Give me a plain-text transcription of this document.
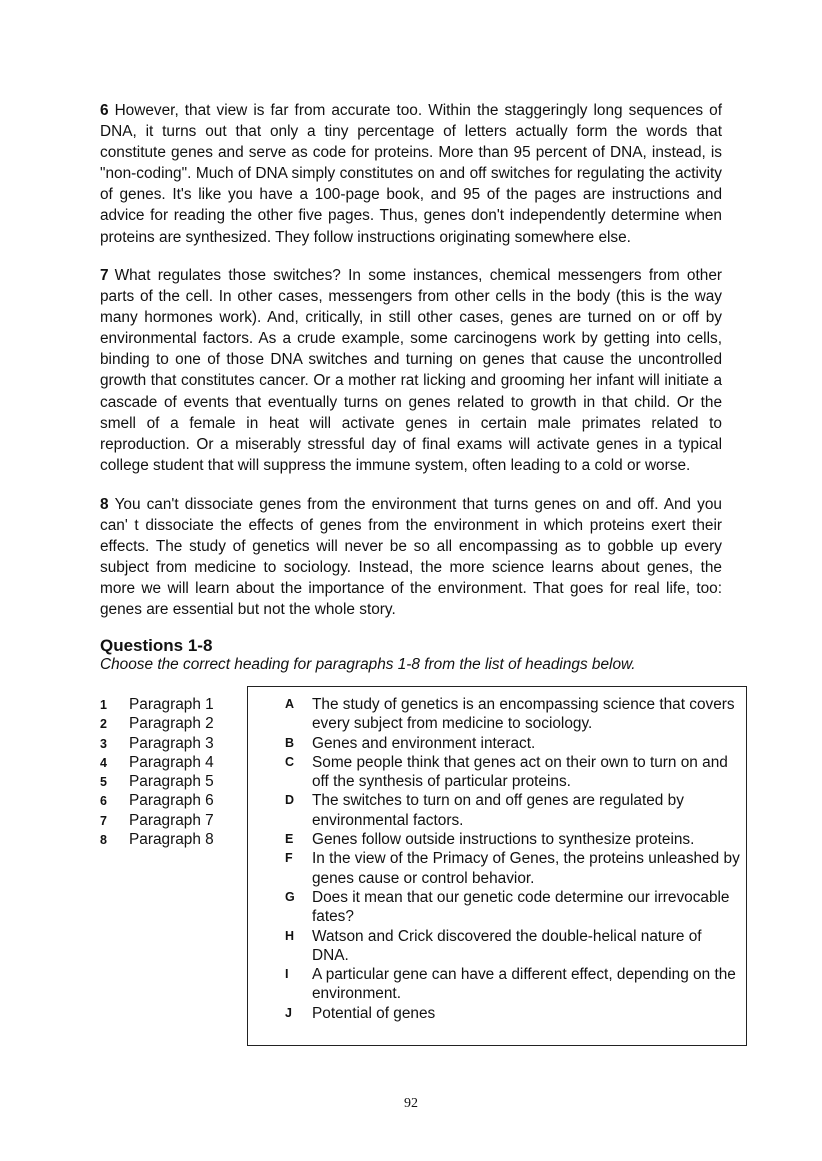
6 However, that view is far from accurate too. Within the staggeringly long sequences of DNA, it turns out that only a tiny percentage of letters actually form the words that constitute genes and serve as code for proteins. More than 95 percent of DNA, instead, is "non-coding". Much of DNA simply constitutes on and off switches for regulating the activity of genes. It's like you have a 100-page book, and 95 of the pages are instructions and advice for reading the other five pages. Thus, genes don't independently determine when proteins are synthesized. They follow instructions originating somewhere else.

7 What regulates those switches? In some instances, chemical messengers from other parts of the cell. In other cases, messengers from other cells in the body (this is the way many hormones work). And, critically, in still other cases, genes are turned on or off by environmental factors. As a crude example, some carcinogens work by getting into cells, binding to one of those DNA switches and turning on genes that cause the uncontrolled growth that constitutes cancer. Or a mother rat licking and grooming her infant will initiate a cascade of events that eventually turns on genes related to growth in that child. Or the smell of a female in heat will activate genes in certain male primates related to reproduction. Or a miserably stressful day of final exams will activate genes in a typical college student that will suppress the immune system, often leading to a cold or worse.

8 You can't dissociate genes from the environment that turns genes on and off. And you can' t dissociate the effects of genes from the environment in which proteins exert their effects. The study of genetics will never be so all encompassing as to gobble up every subject from medicine to sociology. Instead, the more science learns about genes, the more we will learn about the importance of the environment. That goes for real life, too: genes are essential but not the whole story.

Questions 1-8

Choose the correct heading for paragraphs 1-8 from the list of headings below.

1 Paragraph 1
2 Paragraph 2
3 Paragraph 3
4 Paragraph 4
5 Paragraph 5
6 Paragraph 6
7 Paragraph 7
8 Paragraph 8
A The study of genetics is an encompassing science that covers every subject from medicine to sociology.
B Genes and environment interact.
C Some people think that genes act on their own to turn on and off the synthesis of particular proteins.
D The switches to turn on and off genes are regulated by environmental factors.
E Genes follow outside instructions to synthesize proteins.
F In the view of the Primacy of Genes, the proteins unleashed by genes cause or control behavior.
G Does it mean that our genetic code determine our irrevocable fates?
H Watson and Crick discovered the double-helical nature of DNA.
I A particular gene can have a different effect, depending on the environment.
J Potential of genes

92
